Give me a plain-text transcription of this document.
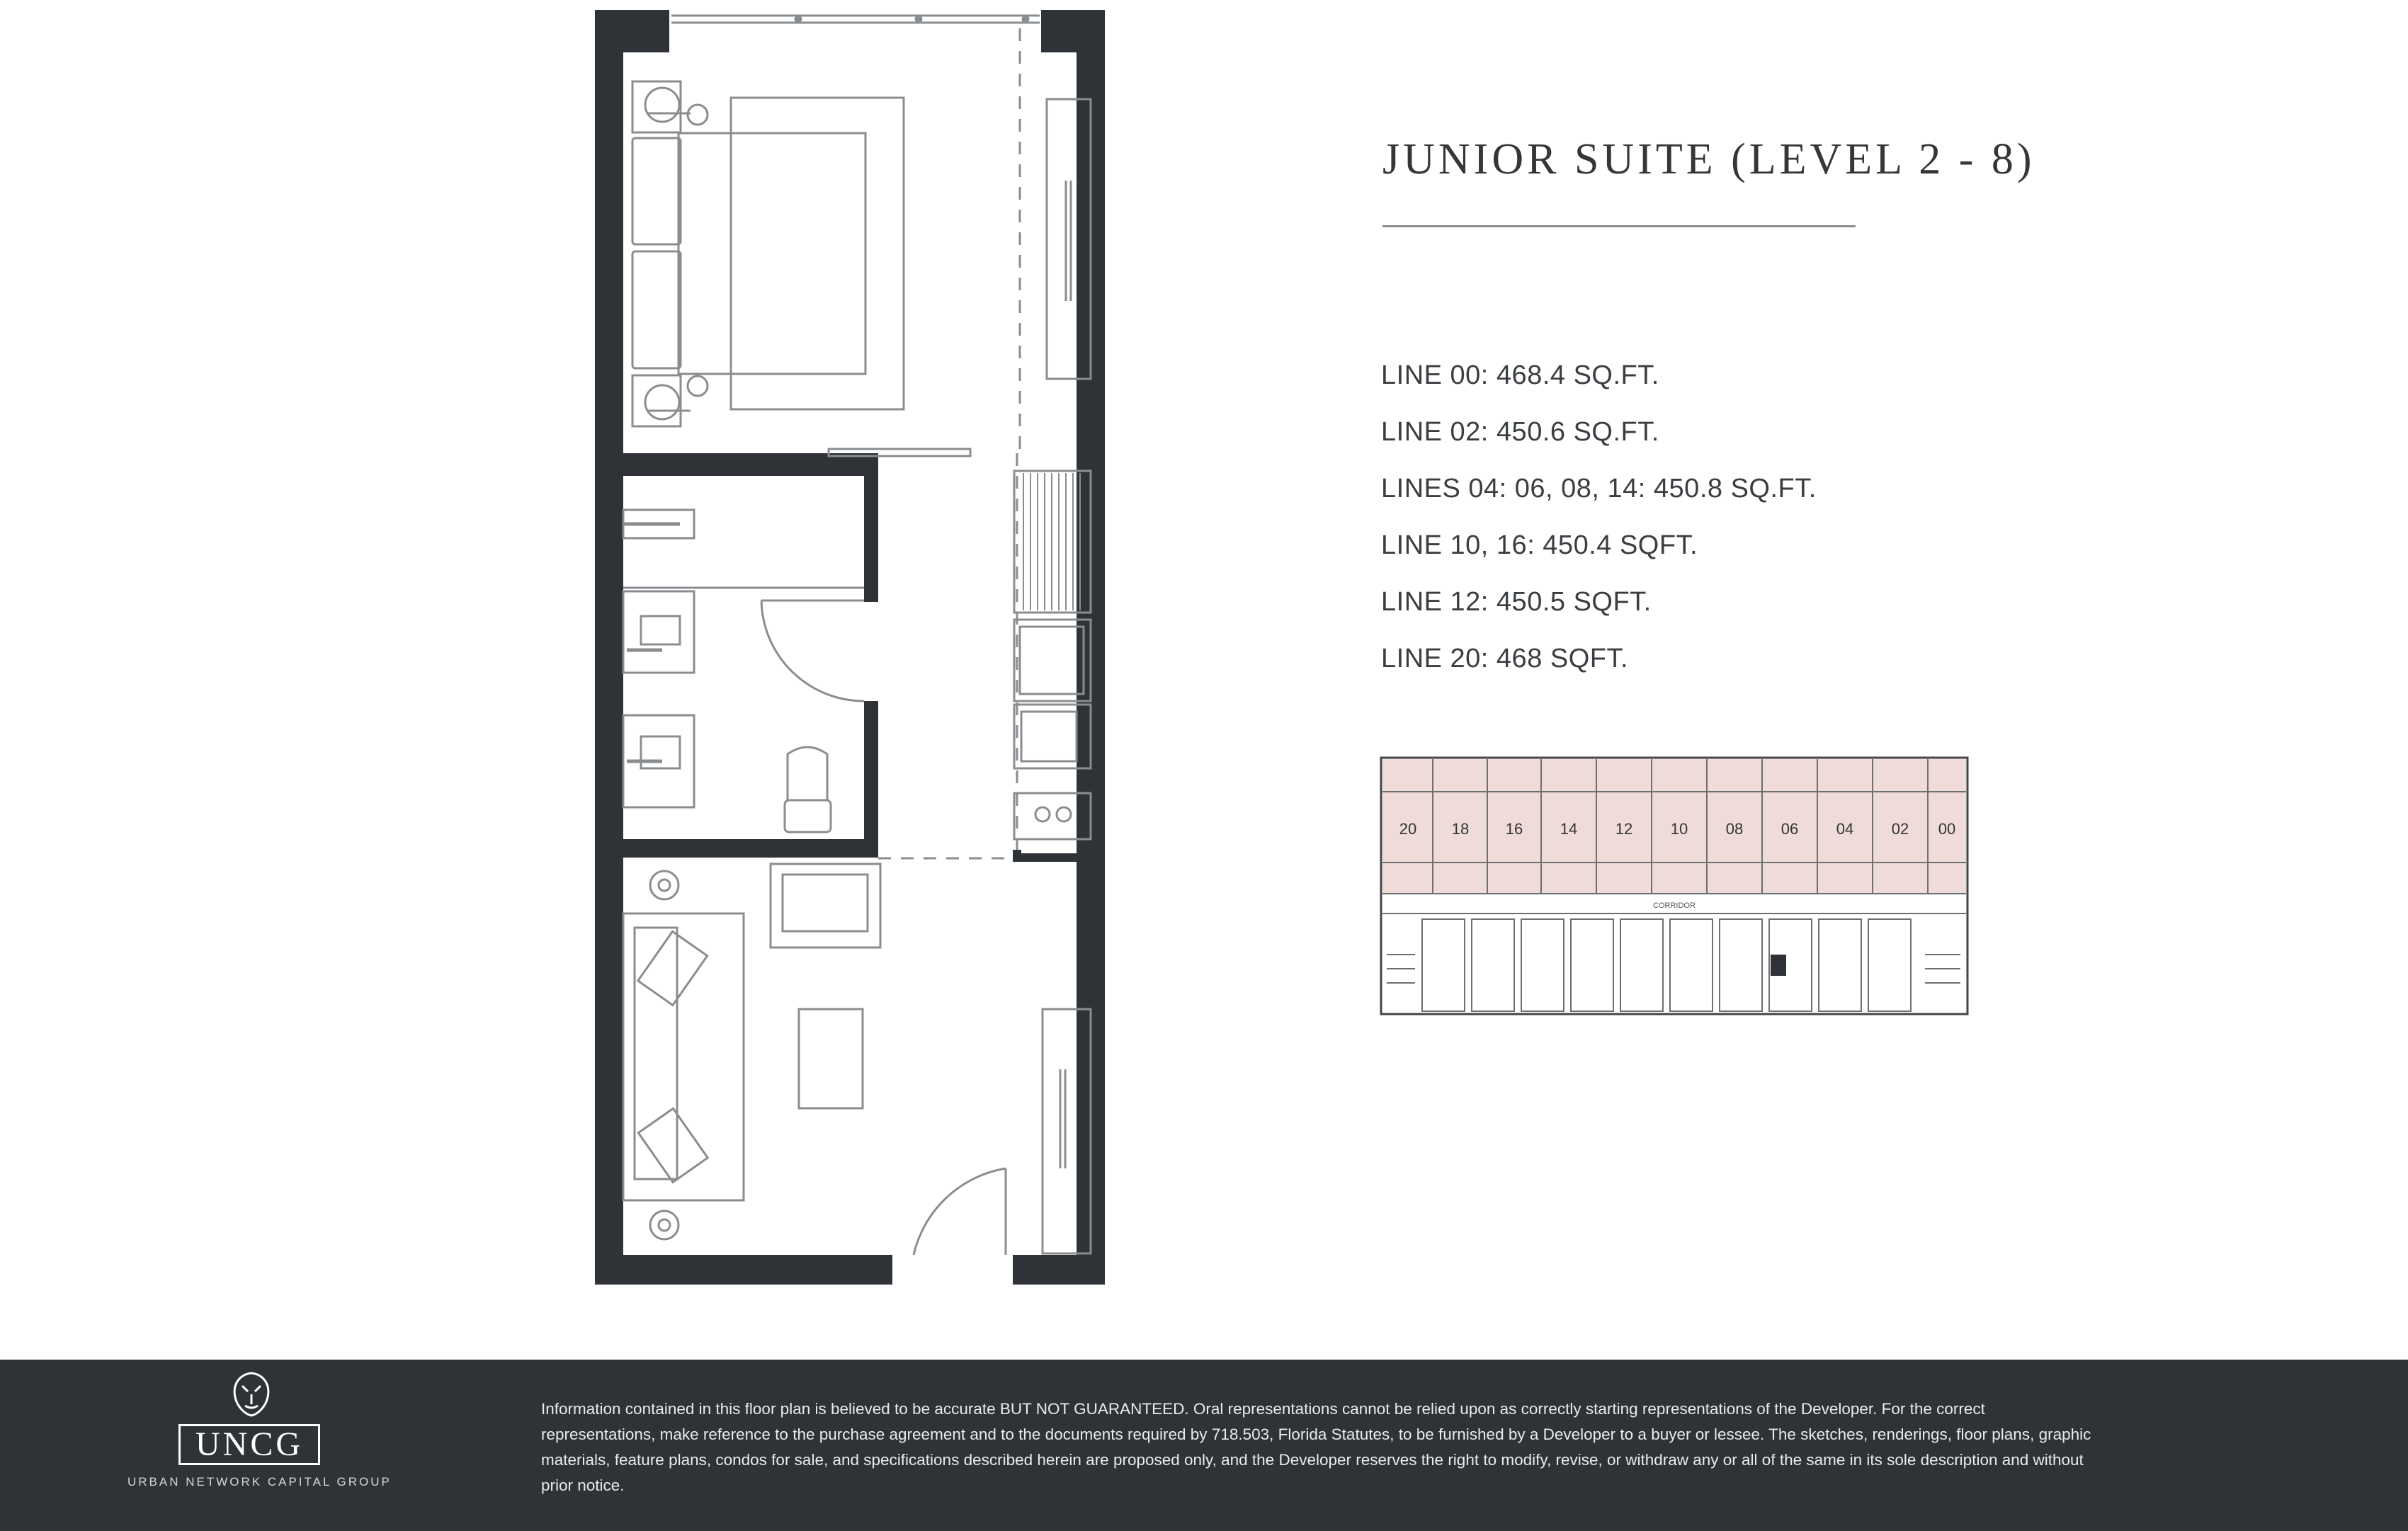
JUNIOR SUITE (LEVEL 2 - 8)
LINE 00: 468.4 SQ.FT.
LINE 02: 450.6 SQ.FT.
LINES 04: 06, 08, 14: 450.8 SQ.FT.
LINE 10, 16: 450.4 SQFT.
LINE 12: 450.5 SQFT.
LINE 20: 468 SQFT.
20 18 16 14 12 10 08 06 04 02 00
CORRIDOR
UNCG
URBAN NETWORK CAPITAL GROUP
Information contained in this floor plan is believed to be accurate BUT NOT GUARANTEED. Oral representations cannot be relied upon as correctly starting representations of the Developer. For the correct representations, make reference to the purchase agreement and to the documents required by 718.503, Florida Statutes, to be furnished by a Developer to a buyer or lessee. The sketches, renderings, floor plans, graphic materials, feature plans, condos for sale, and specifications described herein are proposed only, and the Developer reserves the right to modify, revise, or withdraw any or all of the same in its sole description and without prior notice.
